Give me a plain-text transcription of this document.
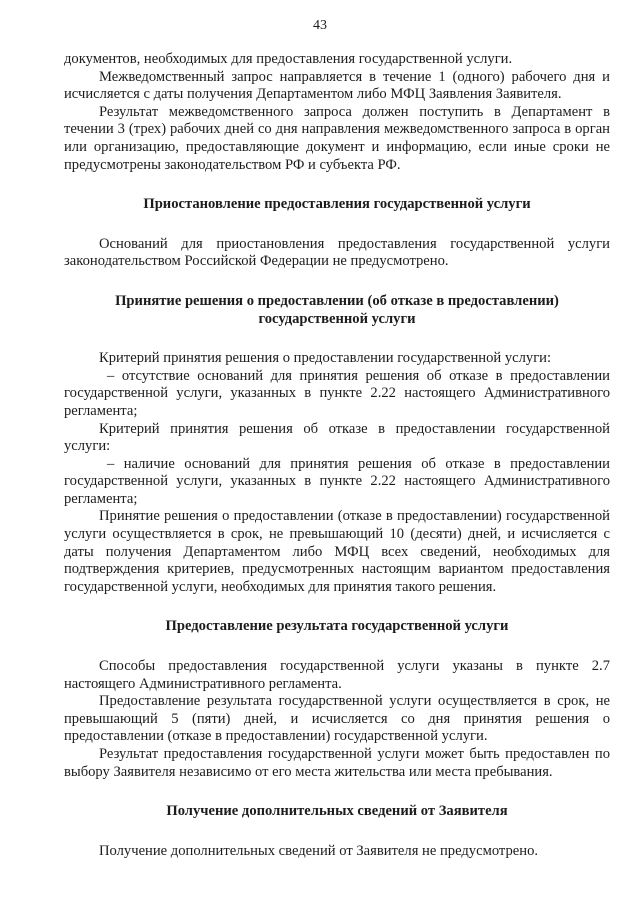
43

документов, необходимых для предоставления государственной услуги.

Межведомственный запрос направляется в течение 1 (одного) рабочего дня и исчисляется с даты получения Департаментом либо МФЦ Заявления Заявителя.

Результат межведомственного запроса должен поступить в Департамент в течении 3 (трех) рабочих дней со дня направления межведомственного запроса в орган или организацию, предоставляющие документ и информацию, если иные сроки не предусмотрены законодательством РФ и субъекта РФ.

Приостановление предоставления государственной услуги

Оснований для приостановления предоставления государственной услуги законодательством Российской Федерации не предусмотрено.

Принятие решения о предоставлении (об отказе в предоставлении)
государственной услуги

Критерий принятия решения о предоставлении государственной услуги:

– отсутствие оснований для принятия решения об отказе в предоставлении государственной услуги, указанных в пункте 2.22 настоящего Административного регламента;

Критерий принятия решения об отказе в предоставлении государственной услуги:

– наличие оснований для принятия решения об отказе в предоставлении государственной услуги, указанных в пункте 2.22 настоящего Административного регламента;

Принятие решения о предоставлении (отказе в предоставлении) государственной услуги осуществляется в срок, не превышающий 10 (десяти) дней, и исчисляется с даты получения Департаментом либо МФЦ всех сведений, необходимых для подтверждения критериев, предусмотренных настоящим вариантом предоставления государственной услуги, необходимых для принятия такого решения.

Предоставление результата государственной услуги

Способы предоставления государственной услуги указаны в пункте 2.7 настоящего Административного регламента.

Предоставление результата государственной услуги осуществляется в срок, не превышающий 5 (пяти) дней, и исчисляется со дня принятия решения о предоставлении (отказе в предоставлении) государственной услуги.

Результат предоставления государственной услуги может быть предоставлен по выбору Заявителя независимо от его места жительства или места пребывания.

Получение дополнительных сведений от Заявителя

Получение дополнительных сведений от Заявителя не предусмотрено.
